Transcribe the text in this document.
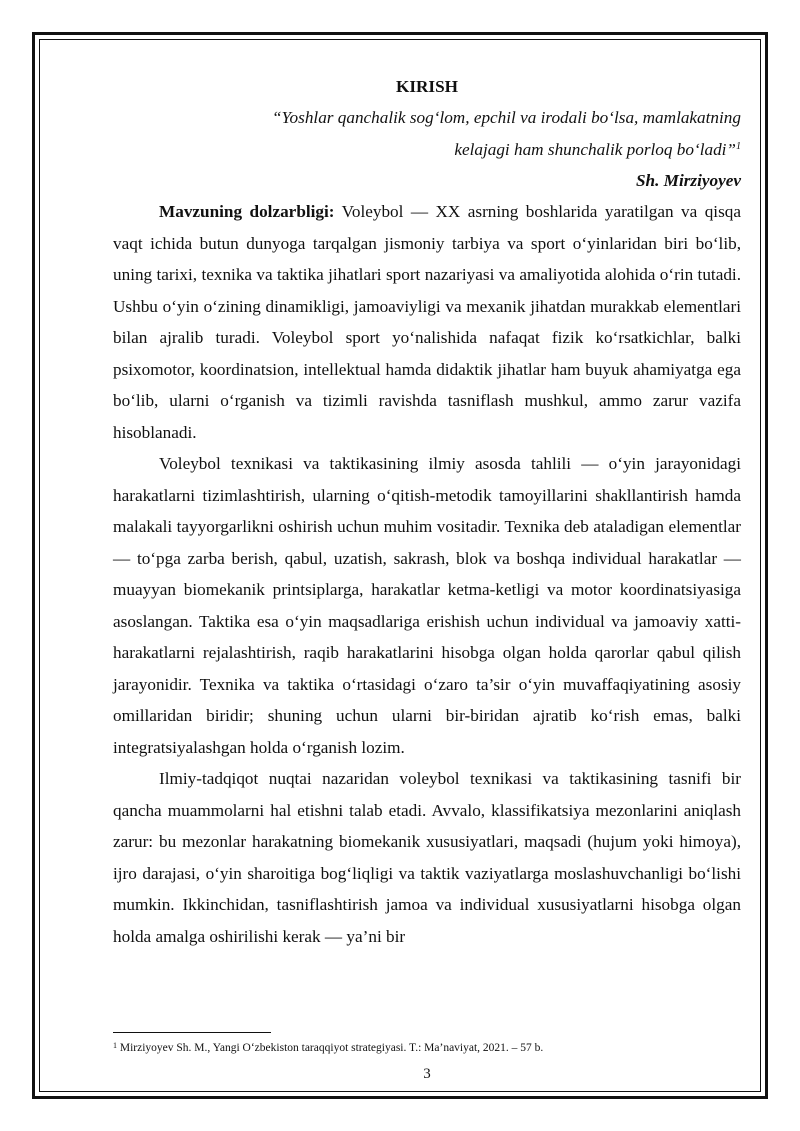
KIRISH

“Yoshlar qanchalik sog‘lom, epchil va irodali bo‘lsa, mamlakatning

kelajagi ham shunchalik porloq bo‘ladi”$^1$

Sh. Mirziyoyev

Mavzuning dolzarbligi: Voleybol — XX asrning boshlarida yaratilgan va qisqa vaqt ichida butun dunyoga tarqalgan jismoniy tarbiya va sport o‘yinlaridan biri bo‘lib, uning tarixi, texnika va taktika jihatlari sport nazariyasi va amaliyotida alohida o‘rin tutadi. Ushbu o‘yin o‘zining dinamikligi, jamoaviyligi va mexanik jihatdan murakkab elementlari bilan ajralib turadi. Voleybol sport yo‘nalishida nafaqat fizik ko‘rsatkichlar, balki psixomotor, koordinatsion, intellektual hamda didaktik jihatlar ham buyuk ahamiyatga ega bo‘lib, ularni o‘rganish va tizimli ravishda tasniflash mushkul, ammo zarur vazifa hisoblanadi.

Voleybol texnikasi va taktikasining ilmiy asosda tahlili — o‘yin jarayonidagi harakatlarni tizimlashtirish, ularning o‘qitish-metodik tamoyillarini shakllantirish hamda malakali tayyorgarlikni oshirish uchun muhim vositadir. Texnika deb ataladigan elementlar — to‘pga zarba berish, qabul, uzatish, sakrash, blok va boshqa individual harakatlar — muayyan biomekanik printsiplarga, harakatlar ketma-ketligi va motor koordinatsiyasiga asoslangan. Taktika esa o‘yin maqsadlariga erishish uchun individual va jamoaviy xatti-harakatlarni rejalashtirish, raqib harakatlarini hisobga olgan holda qarorlar qabul qilish jarayonidir. Texnika va taktika o‘rtasidagi o‘zaro ta’sir o‘yin muvaffaqiyatining asosiy omillaridan biridir; shuning uchun ularni bir-biridan ajratib ko‘rish emas, balki integratsiyalashgan holda o‘rganish lozim.

Ilmiy-tadqiqot nuqtai nazaridan voleybol texnikasi va taktikasining tasnifi bir qancha muammolarni hal etishni talab etadi. Avvalo, klassifikatsiya mezonlarini aniqlash zarur: bu mezonlar harakatning biomekanik xususiyatlari, maqsadi (hujum yoki himoya), ijro darajasi, o‘yin sharoitiga bog‘liqligi va taktik vaziyatlarga moslashuvchanligi bo‘lishi mumkin. Ikkinchidan, tasniflashtirish jamoa va individual xususiyatlarni hisobga olgan holda amalga oshirilishi kerak — ya’ni bir

$^1$ Mirziyoyev Sh. M., Yangi O‘zbekiston taraqqiyot strategiyasi. T.: Ma’naviyat, 2021. – 57 b.

3
